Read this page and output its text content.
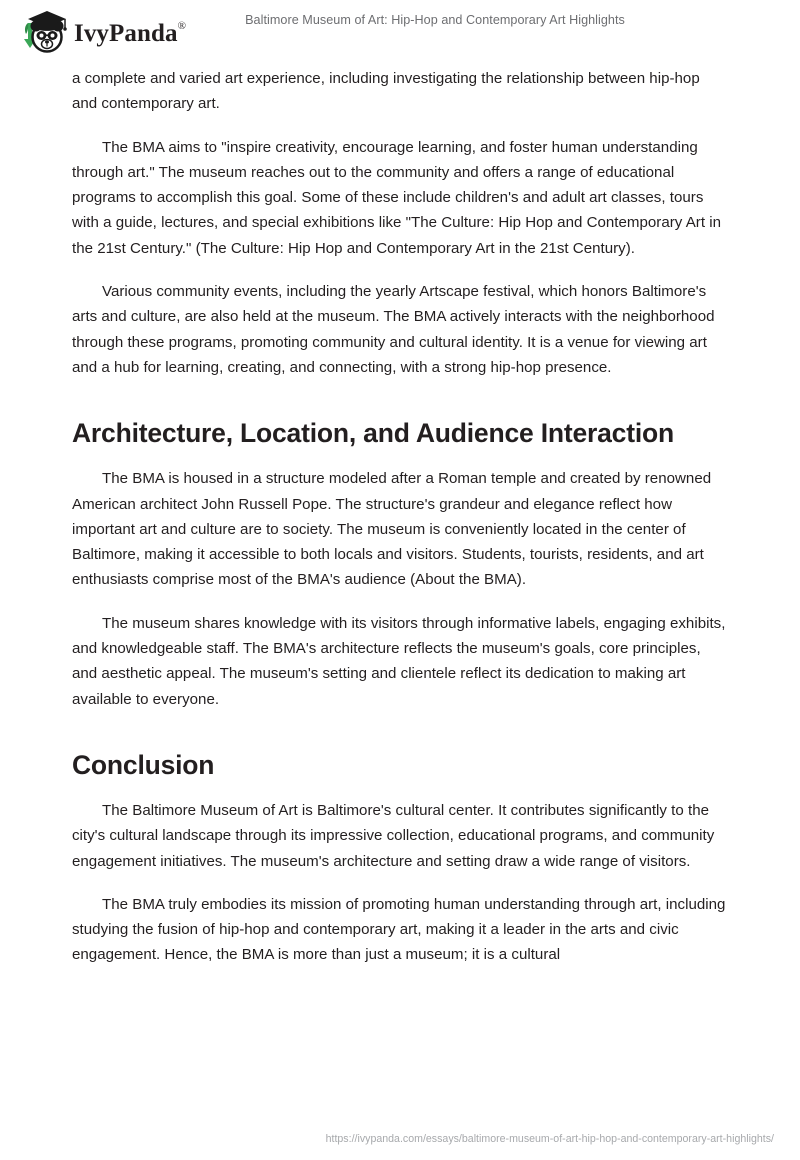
IvyPanda®	Baltimore Museum of Art: Hip-Hop and Contemporary Art Highlights

a complete and varied art experience, including investigating the relationship between hip-hop and contemporary art.

The BMA aims to "inspire creativity, encourage learning, and foster human understanding through art." The museum reaches out to the community and offers a range of educational programs to accomplish this goal. Some of these include children's and adult art classes, tours with a guide, lectures, and special exhibitions like "The Culture: Hip Hop and Contemporary Art in the 21st Century." (The Culture: Hip Hop and Contemporary Art in the 21st Century).

Various community events, including the yearly Artscape festival, which honors Baltimore's arts and culture, are also held at the museum. The BMA actively interacts with the neighborhood through these programs, promoting community and cultural identity. It is a venue for viewing art and a hub for learning, creating, and connecting, with a strong hip-hop presence.

Architecture, Location, and Audience Interaction

The BMA is housed in a structure modeled after a Roman temple and created by renowned American architect John Russell Pope. The structure's grandeur and elegance reflect how important art and culture are to society. The museum is conveniently located in the center of Baltimore, making it accessible to both locals and visitors. Students, tourists, residents, and art enthusiasts comprise most of the BMA's audience (About the BMA).

The museum shares knowledge with its visitors through informative labels, engaging exhibits, and knowledgeable staff. The BMA's architecture reflects the museum's goals, core principles, and aesthetic appeal. The museum's setting and clientele reflect its dedication to making art available to everyone.

Conclusion

The Baltimore Museum of Art is Baltimore's cultural center. It contributes significantly to the city's cultural landscape through its impressive collection, educational programs, and community engagement initiatives. The museum's architecture and setting draw a wide range of visitors.

The BMA truly embodies its mission of promoting human understanding through art, including studying the fusion of hip-hop and contemporary art, making it a leader in the arts and civic engagement. Hence, the BMA is more than just a museum; it is a cultural

https://ivypanda.com/essays/baltimore-museum-of-art-hip-hop-and-contemporary-art-highlights/
